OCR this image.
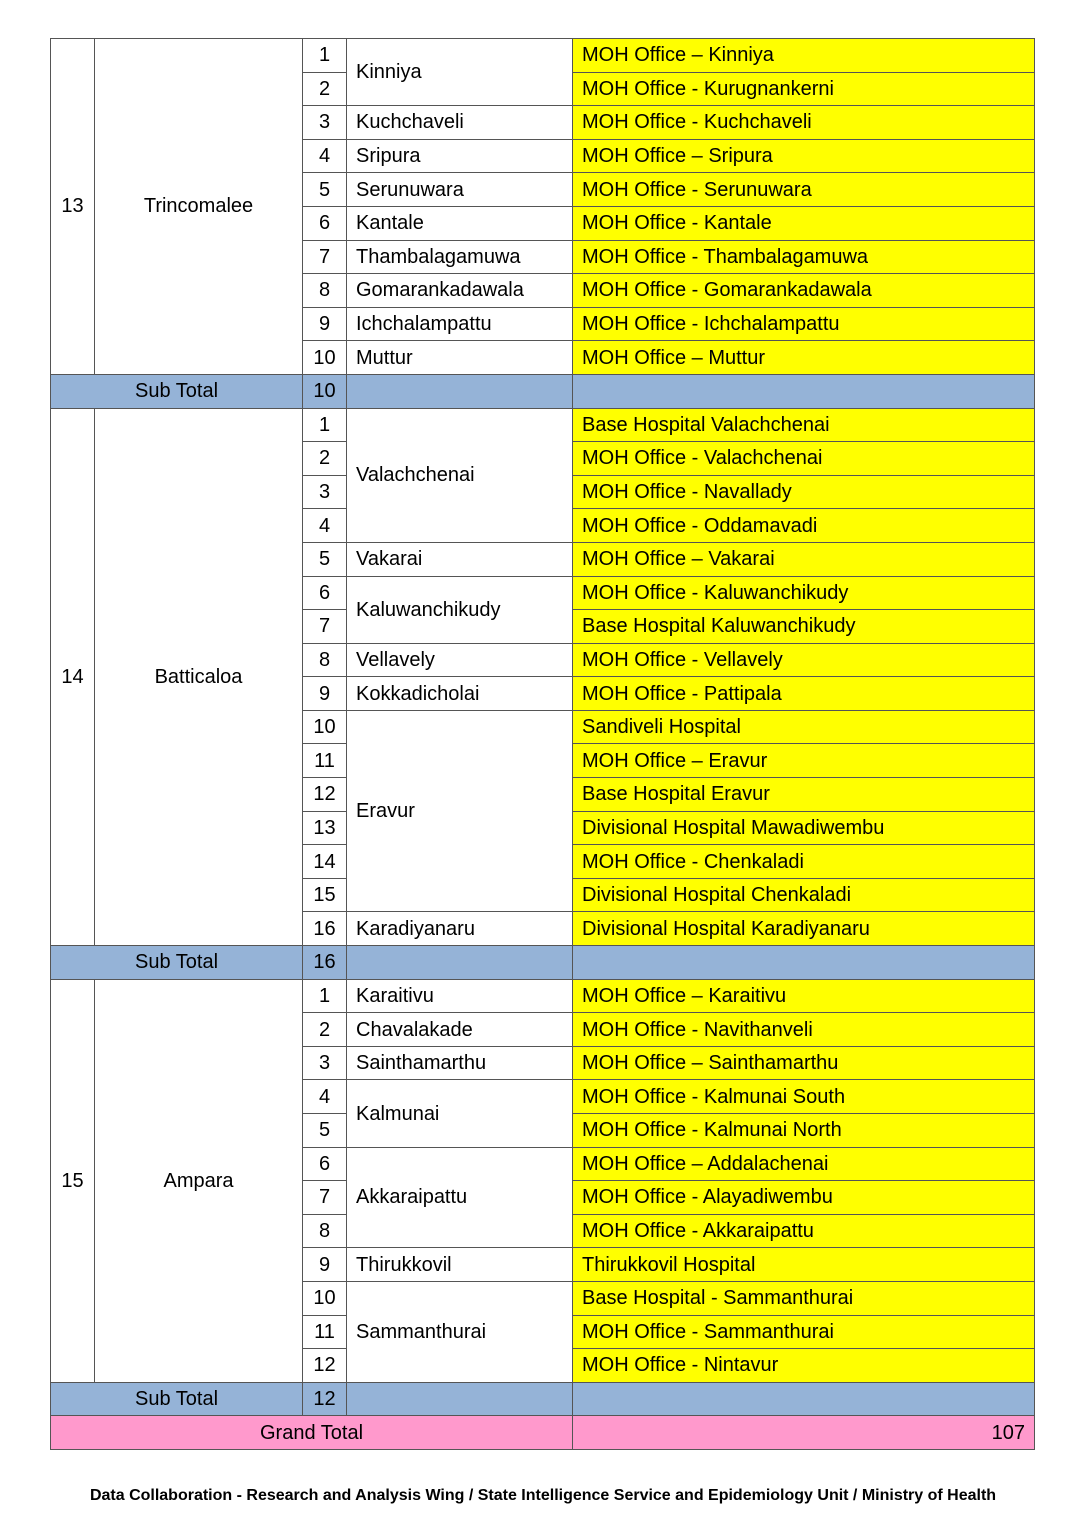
13	Trincomalee	1	Kinniya	MOH Office – Kinniya
		2		MOH Office - Kurugnankerni
		3	Kuchchaveli	MOH Office - Kuchchaveli
		4	Sripura	MOH Office – Sripura
		5	Serunuwara	MOH Office - Serunuwara
		6	Kantale	MOH Office - Kantale
		7	Thambalagamuwa	MOH Office - Thambalagamuwa
		8	Gomarankadawala	MOH Office - Gomarankadawala
		9	Ichchalampattu	MOH Office - Ichchalampattu
		10	Muttur	MOH Office – Muttur
Sub Total		10		
14	Batticaloa	1	Valachchenai	Base Hospital Valachchenai
		2		MOH Office - Valachchenai
		3		MOH Office - Navallady
		4		MOH Office - Oddamavadi
		5	Vakarai	MOH Office – Vakarai
		6	Kaluwanchikudy	MOH Office - Kaluwanchikudy
		7		Base Hospital Kaluwanchikudy
		8	Vellavely	MOH Office - Vellavely
		9	Kokkadicholai	MOH Office - Pattipala
		10	Eravur	Sandiveli Hospital
		11		MOH Office – Eravur
		12		Base Hospital Eravur
		13		Divisional Hospital Mawadiwembu
		14		MOH Office - Chenkaladi
		15		Divisional Hospital Chenkaladi
		16	Karadiyanaru	Divisional Hospital Karadiyanaru
Sub Total		16		
15	Ampara	1	Karaitivu	MOH Office – Karaitivu
		2	Chavalakade	MOH Office - Navithanveli
		3	Sainthamarthu	MOH Office – Sainthamarthu
		4	Kalmunai	MOH Office - Kalmunai South
		5		MOH Office - Kalmunai North
		6	Akkaraipattu	MOH Office – Addalachenai
		7		MOH Office - Alayadiwembu
		8		MOH Office - Akkaraipattu
		9	Thirukkovil	Thirukkovil Hospital
		10	Sammanthurai	Base Hospital - Sammanthurai
		11		MOH Office - Sammanthurai
		12		MOH Office - Nintavur
Sub Total		12		
Grand Total				107
Data Collaboration - Research and Analysis Wing / State Intelligence Service and Epidemiology Unit / Ministry of Health
